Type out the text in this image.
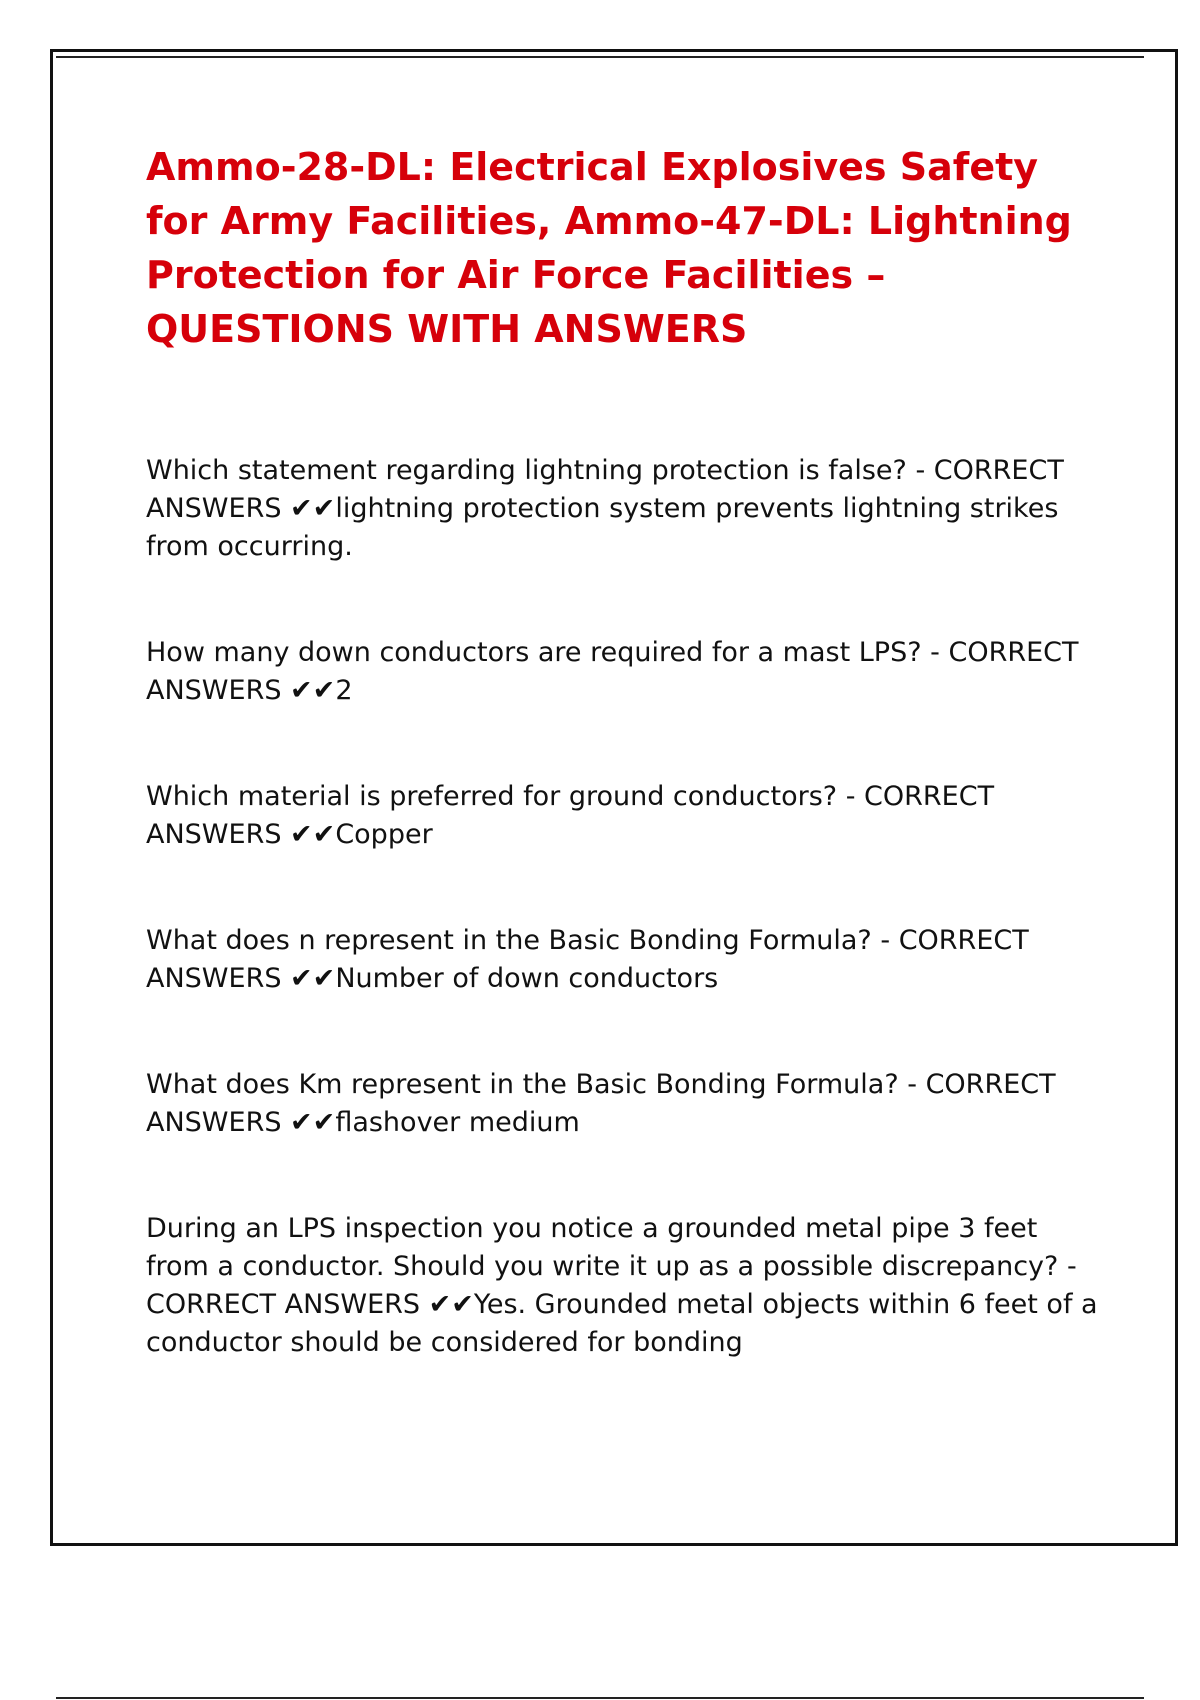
Ammo-28-DL: Electrical Explosives Safety for Army Facilities, Ammo-47-DL: Lightning Protection for Air Force Facilities – QUESTIONS WITH ANSWERS
Which statement regarding lightning protection is false? - CORRECT ANSWERS ✔✔lightning protection system prevents lightning strikes from occurring.
How many down conductors are required for a mast LPS? - CORRECT ANSWERS ✔✔2
Which material is preferred for ground conductors? - CORRECT ANSWERS ✔✔Copper
What does n represent in the Basic Bonding Formula? - CORRECT ANSWERS ✔✔Number of down conductors
What does Km represent in the Basic Bonding Formula? - CORRECT ANSWERS ✔✔flashover medium
During an LPS inspection you notice a grounded metal pipe 3 feet from a conductor. Should you write it up as a possible discrepancy? - CORRECT ANSWERS ✔✔Yes. Grounded metal objects within 6 feet of a conductor should be considered for bonding
